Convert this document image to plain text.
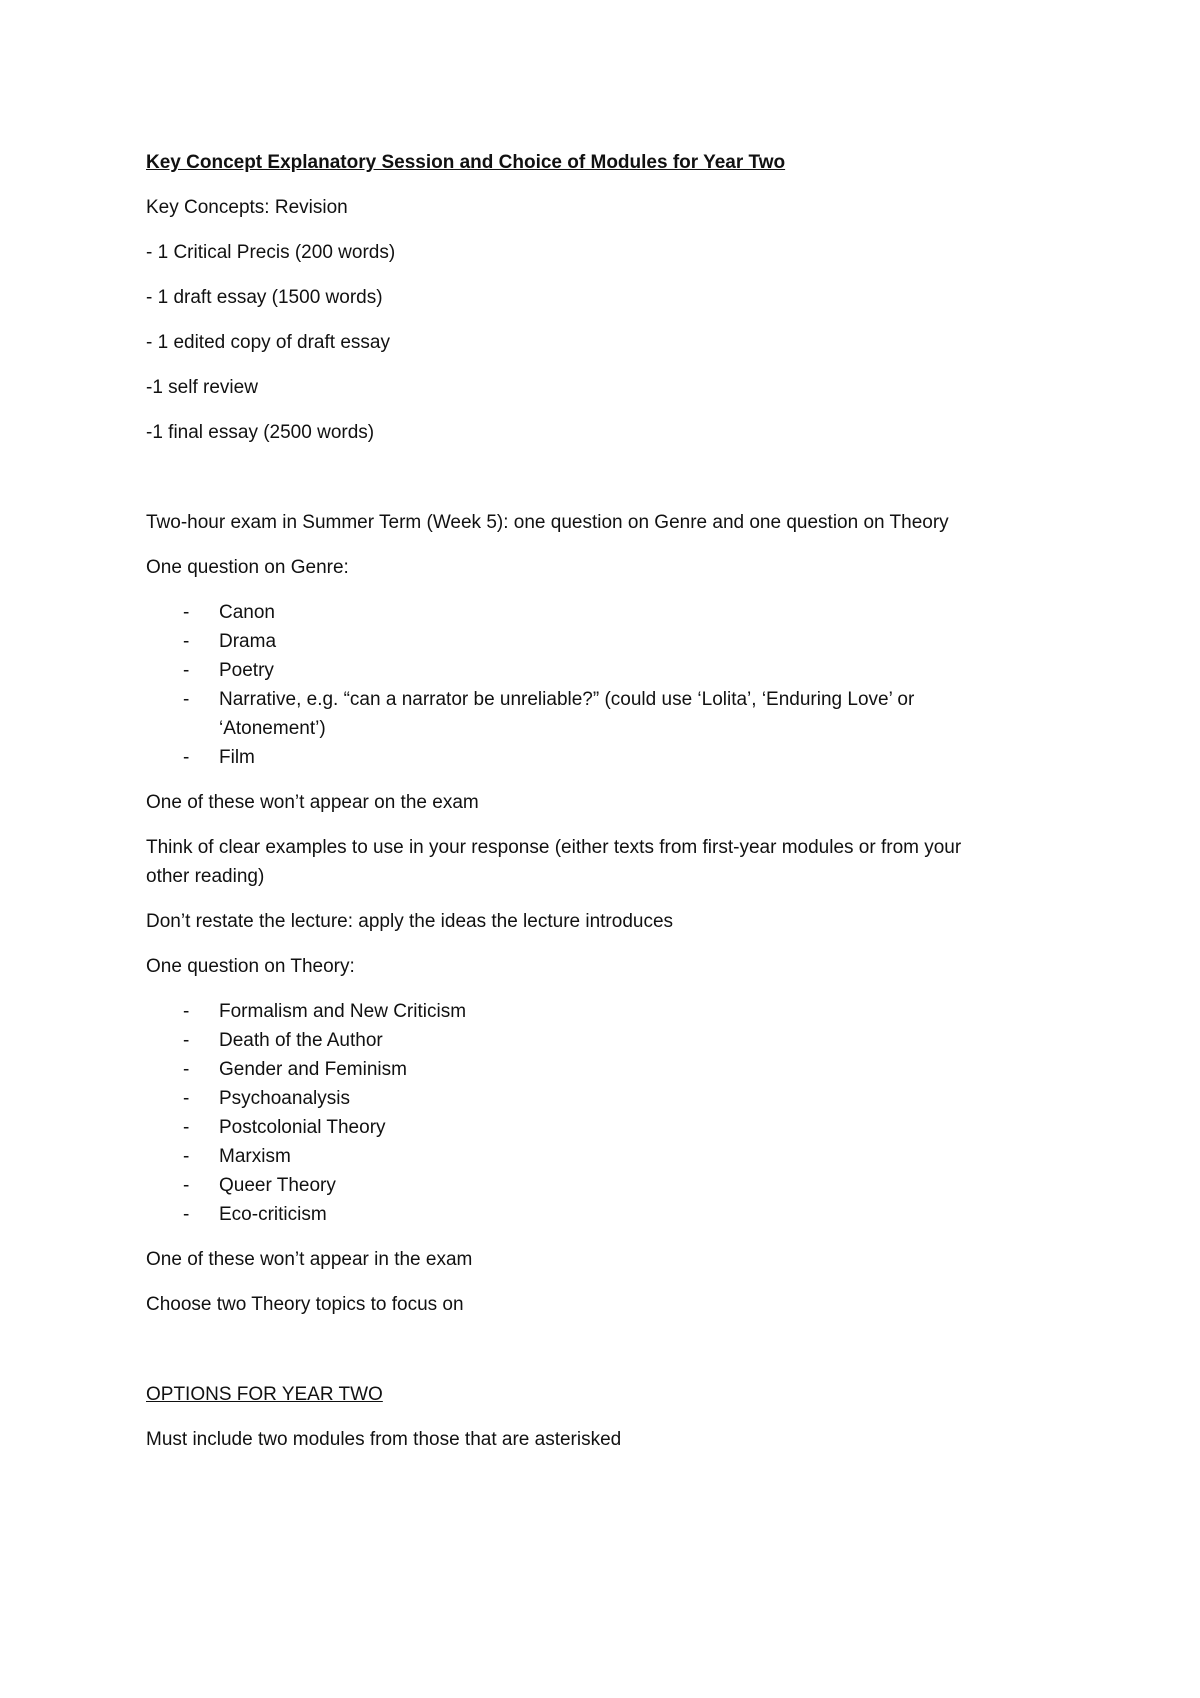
Key Concept Explanatory Session and Choice of Modules for Year Two

Key Concepts: Revision

- 1 Critical Precis (200 words)

- 1 draft essay (1500 words)

- 1 edited copy of draft essay

-1 self review

-1 final essay (2500 words)

Two-hour exam in Summer Term (Week 5): one question on Genre and one question on Theory

One question on Genre:

- Canon
- Drama
- Poetry
- Narrative, e.g. “can a narrator be unreliable?” (could use ‘Lolita’, ‘Enduring Love’ or ‘Atonement’)
- Film

One of these won’t appear on the exam

Think of clear examples to use in your response (either texts from first-year modules or from your other reading)

Don’t restate the lecture: apply the ideas the lecture introduces

One question on Theory:

- Formalism and New Criticism
- Death of the Author
- Gender and Feminism
- Psychoanalysis
- Postcolonial Theory
- Marxism
- Queer Theory
- Eco-criticism

One of these won’t appear in the exam

Choose two Theory topics to focus on

OPTIONS FOR YEAR TWO

Must include two modules from those that are asterisked
